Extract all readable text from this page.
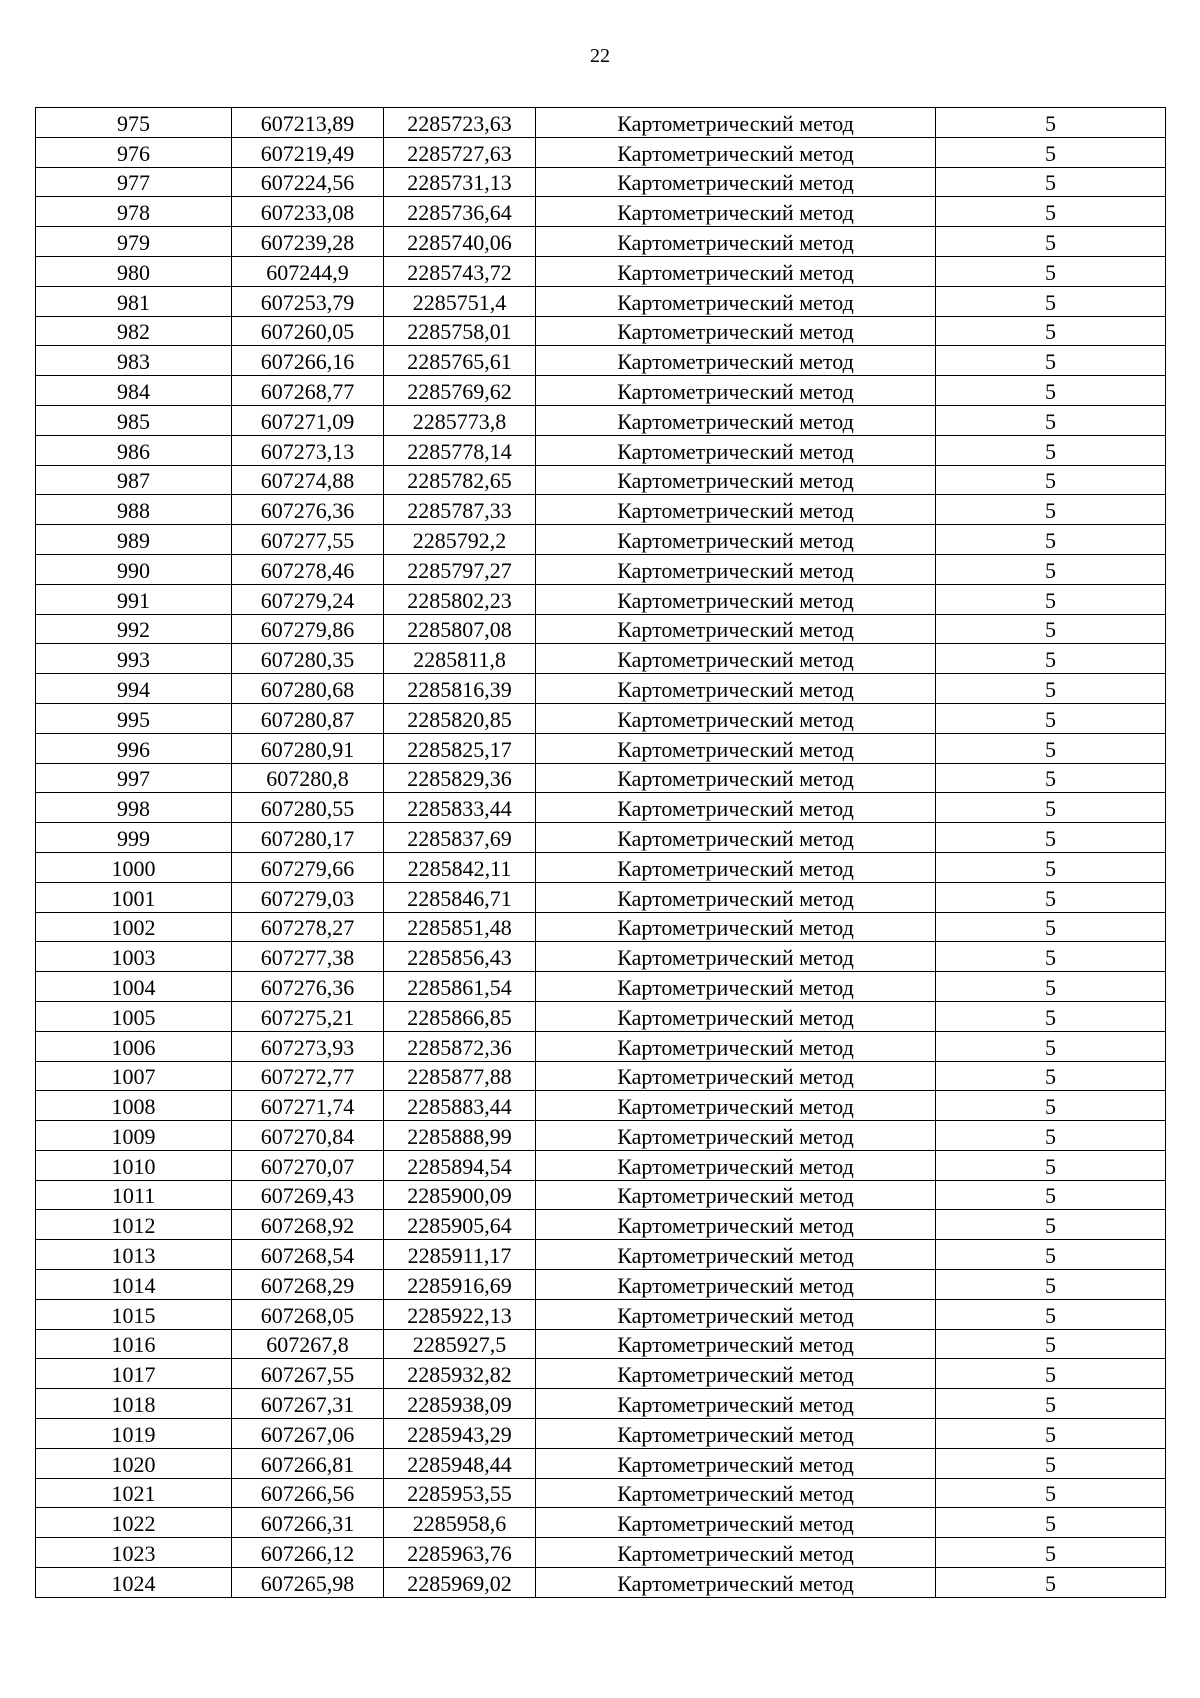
22
975	607213,89	2285723,63	Картометрический метод	5
976	607219,49	2285727,63	Картометрический метод	5
977	607224,56	2285731,13	Картометрический метод	5
978	607233,08	2285736,64	Картометрический метод	5
979	607239,28	2285740,06	Картометрический метод	5
980	607244,9	2285743,72	Картометрический метод	5
981	607253,79	2285751,4	Картометрический метод	5
982	607260,05	2285758,01	Картометрический метод	5
983	607266,16	2285765,61	Картометрический метод	5
984	607268,77	2285769,62	Картометрический метод	5
985	607271,09	2285773,8	Картометрический метод	5
986	607273,13	2285778,14	Картометрический метод	5
987	607274,88	2285782,65	Картометрический метод	5
988	607276,36	2285787,33	Картометрический метод	5
989	607277,55	2285792,2	Картометрический метод	5
990	607278,46	2285797,27	Картометрический метод	5
991	607279,24	2285802,23	Картометрический метод	5
992	607279,86	2285807,08	Картометрический метод	5
993	607280,35	2285811,8	Картометрический метод	5
994	607280,68	2285816,39	Картометрический метод	5
995	607280,87	2285820,85	Картометрический метод	5
996	607280,91	2285825,17	Картометрический метод	5
997	607280,8	2285829,36	Картометрический метод	5
998	607280,55	2285833,44	Картометрический метод	5
999	607280,17	2285837,69	Картометрический метод	5
1000	607279,66	2285842,11	Картометрический метод	5
1001	607279,03	2285846,71	Картометрический метод	5
1002	607278,27	2285851,48	Картометрический метод	5
1003	607277,38	2285856,43	Картометрический метод	5
1004	607276,36	2285861,54	Картометрический метод	5
1005	607275,21	2285866,85	Картометрический метод	5
1006	607273,93	2285872,36	Картометрический метод	5
1007	607272,77	2285877,88	Картометрический метод	5
1008	607271,74	2285883,44	Картометрический метод	5
1009	607270,84	2285888,99	Картометрический метод	5
1010	607270,07	2285894,54	Картометрический метод	5
1011	607269,43	2285900,09	Картометрический метод	5
1012	607268,92	2285905,64	Картометрический метод	5
1013	607268,54	2285911,17	Картометрический метод	5
1014	607268,29	2285916,69	Картометрический метод	5
1015	607268,05	2285922,13	Картометрический метод	5
1016	607267,8	2285927,5	Картометрический метод	5
1017	607267,55	2285932,82	Картометрический метод	5
1018	607267,31	2285938,09	Картометрический метод	5
1019	607267,06	2285943,29	Картометрический метод	5
1020	607266,81	2285948,44	Картометрический метод	5
1021	607266,56	2285953,55	Картометрический метод	5
1022	607266,31	2285958,6	Картометрический метод	5
1023	607266,12	2285963,76	Картометрический метод	5
1024	607265,98	2285969,02	Картометрический метод	5
